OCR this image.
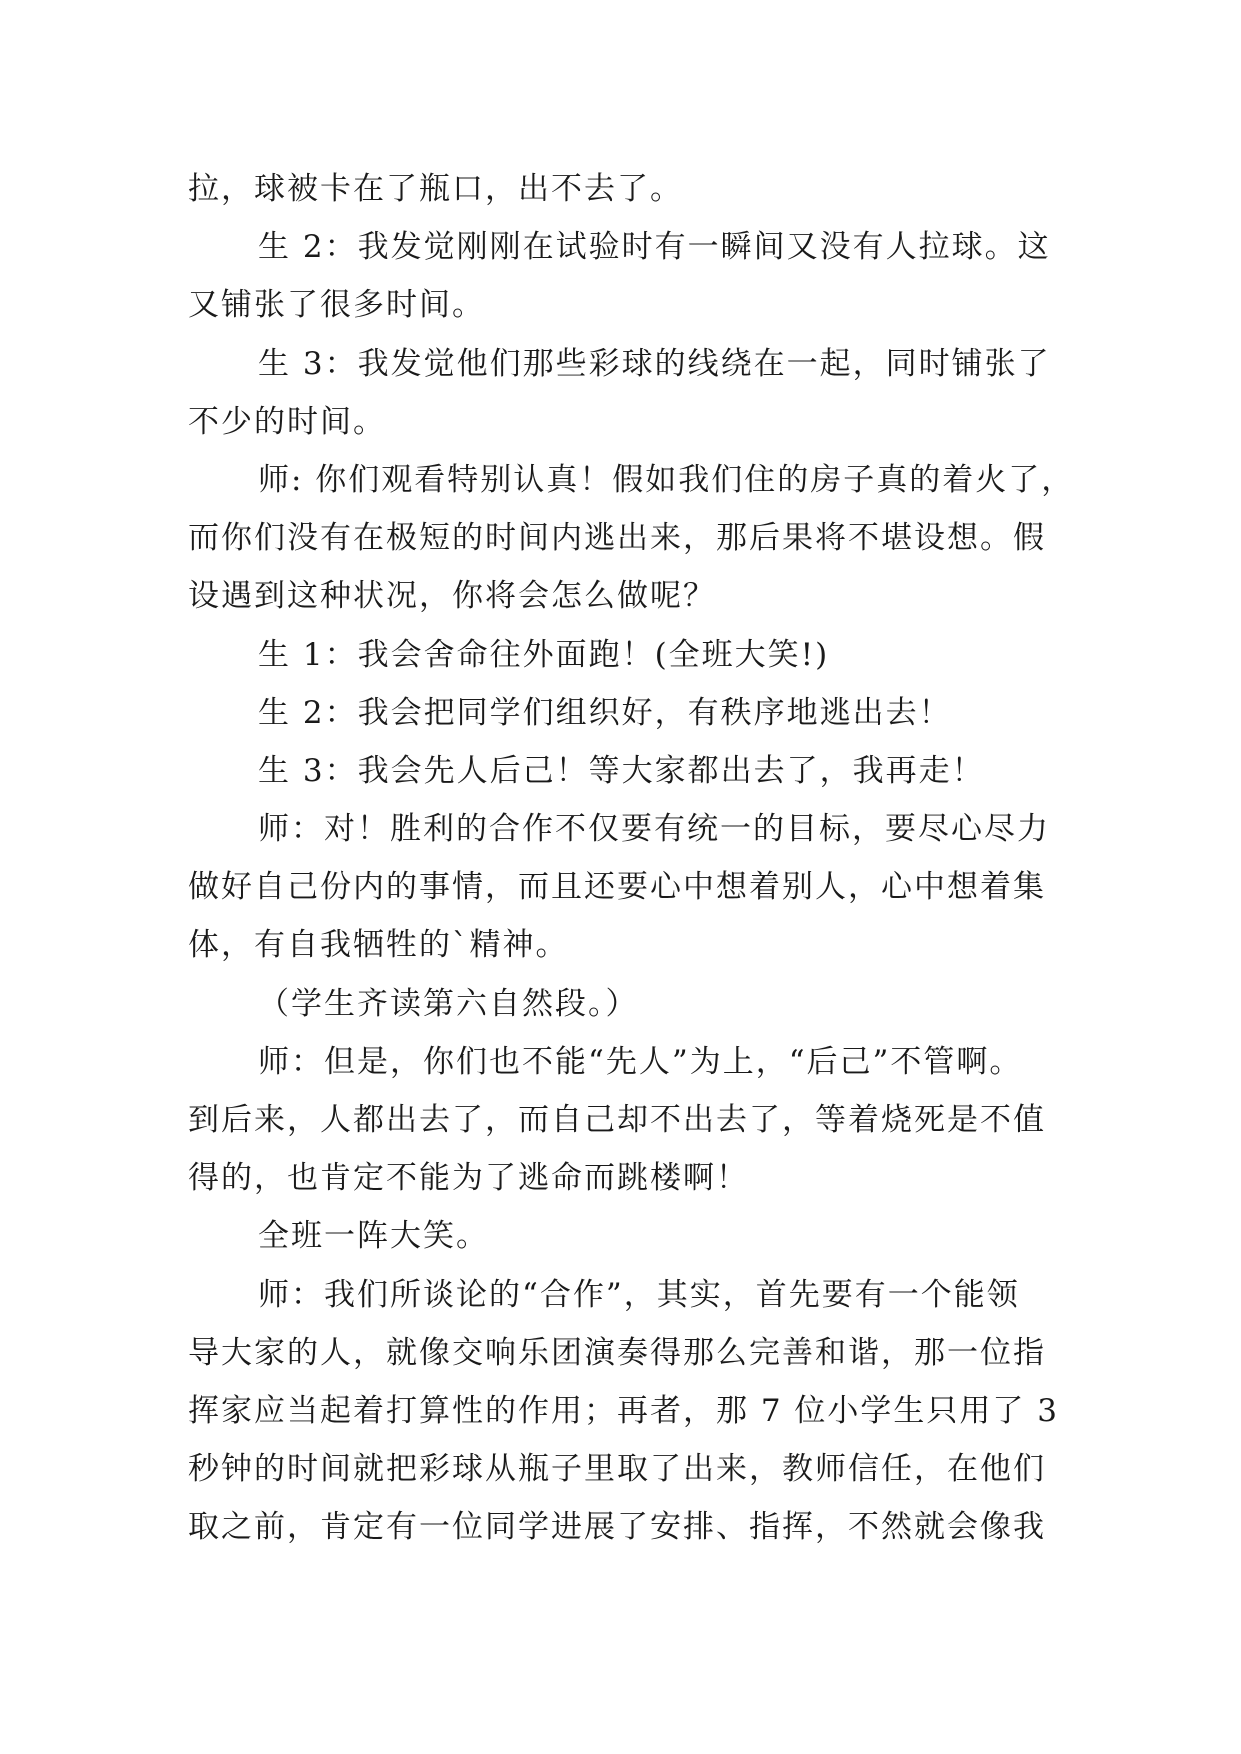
拉，球被卡在了瓶口，出不去了。
生 2：我发觉刚刚在试验时有一瞬间又没有人拉球。这
又铺张了很多时间。
生 3：我发觉他们那些彩球的线绕在一起，同时铺张了
不少的时间。
师: 你们观看特别认真！假如我们住的房子真的着火了，
而你们没有在极短的时间内逃出来，那后果将不堪设想。假
设遇到这种状况，你将会怎么做呢？
生 1：我会舍命往外面跑！(全班大笑!)
生 2：我会把同学们组织好，有秩序地逃出去！
生 3：我会先人后己！等大家都出去了，我再走！
师：对！胜利的合作不仅要有统一的目标，要尽心尽力
做好自己份内的事情，而且还要心中想着别人，心中想着集
体，有自我牺牲的`精神。
（学生齐读第六自然段。）
师：但是，你们也不能“先人”为上，“后己”不管啊。
到后来，人都出去了，而自己却不出去了，等着烧死是不值
得的，也肯定不能为了逃命而跳楼啊！
全班一阵大笑。
师：我们所谈论的“合作”，其实，首先要有一个能领
导大家的人，就像交响乐团演奏得那么完善和谐，那一位指
挥家应当起着打算性的作用；再者，那 7 位小学生只用了 3
秒钟的时间就把彩球从瓶子里取了出来，教师信任，在他们
取之前，肯定有一位同学进展了安排、指挥，不然就会像我
